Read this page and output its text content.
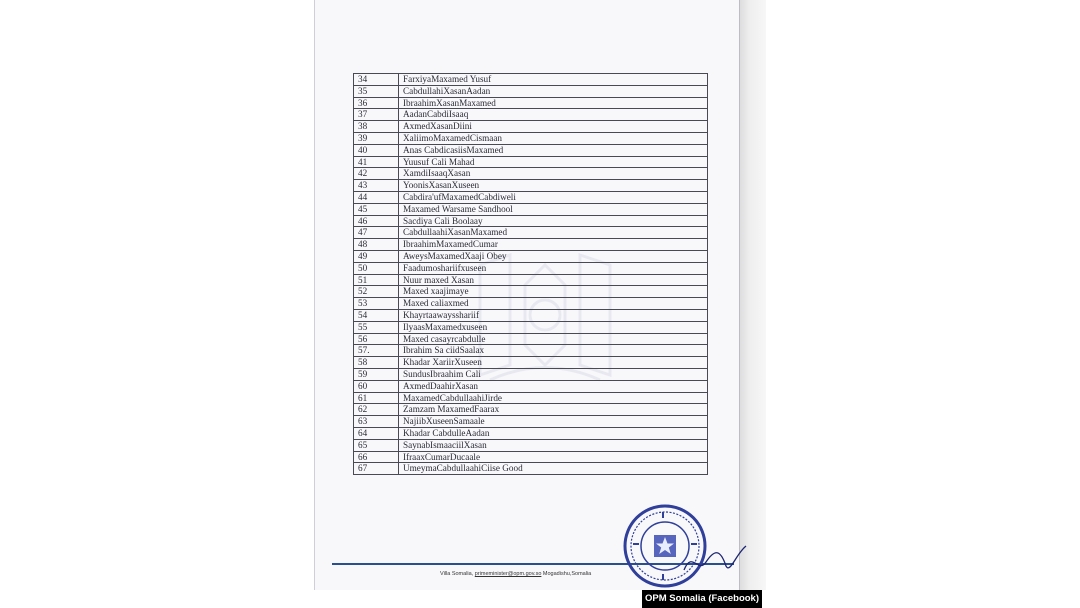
34	FarxiyaMaxamed Yusuf
35	CabdullahiXasanAadan
36	IbraahimXasanMaxamed
37	AadanCabdiIsaaq
38	AxmedXasanDiini
39	XaliimoMaxamedCismaan
40	Anas CabdicasiisMaxamed
41	Yuusuf Cali Mahad
42	XamdiIsaaqXasan
43	YoonisXasanXuseen
44	Cabdira'ufMaxamedCabdiweli
45	Maxamed Warsame Sandhool
46	Sacdiya Cali Boolaay
47	CabdullaahiXasanMaxamed
48	IbraahimMaxamedCumar
49	AweysMaxamedXaaji Obey
50	Faadumoshariifxuseen
51	Nuur maxed Xasan
52	Maxed xaajimaye
53	Maxed caliaxmed
54	Khayrtaawaysshariif
55	IlyaasMaxamedxuseen
56	Maxed casayrcabdulle
57.	Ibrahim Sa ciidSaalax
58	Khadar XariirXuseen
59	SundusIbraahim Cali
60	AxmedDaahirXasan
61	MaxamedCabdullaahiJirde
62	Zamzam MaxamedFaarax
63	NajiibXuseenSamaale
64	Khadar CabdulleAadan
65	SaynabIsmaaciilXasan
66	IfraaxCumarDucaale
67	UmeymaCabdullaahiCiise Good

Villa Somalia, primeminister@opm.gov.so Mogadishu,Somalia
OPM Somalia (Facebook)
